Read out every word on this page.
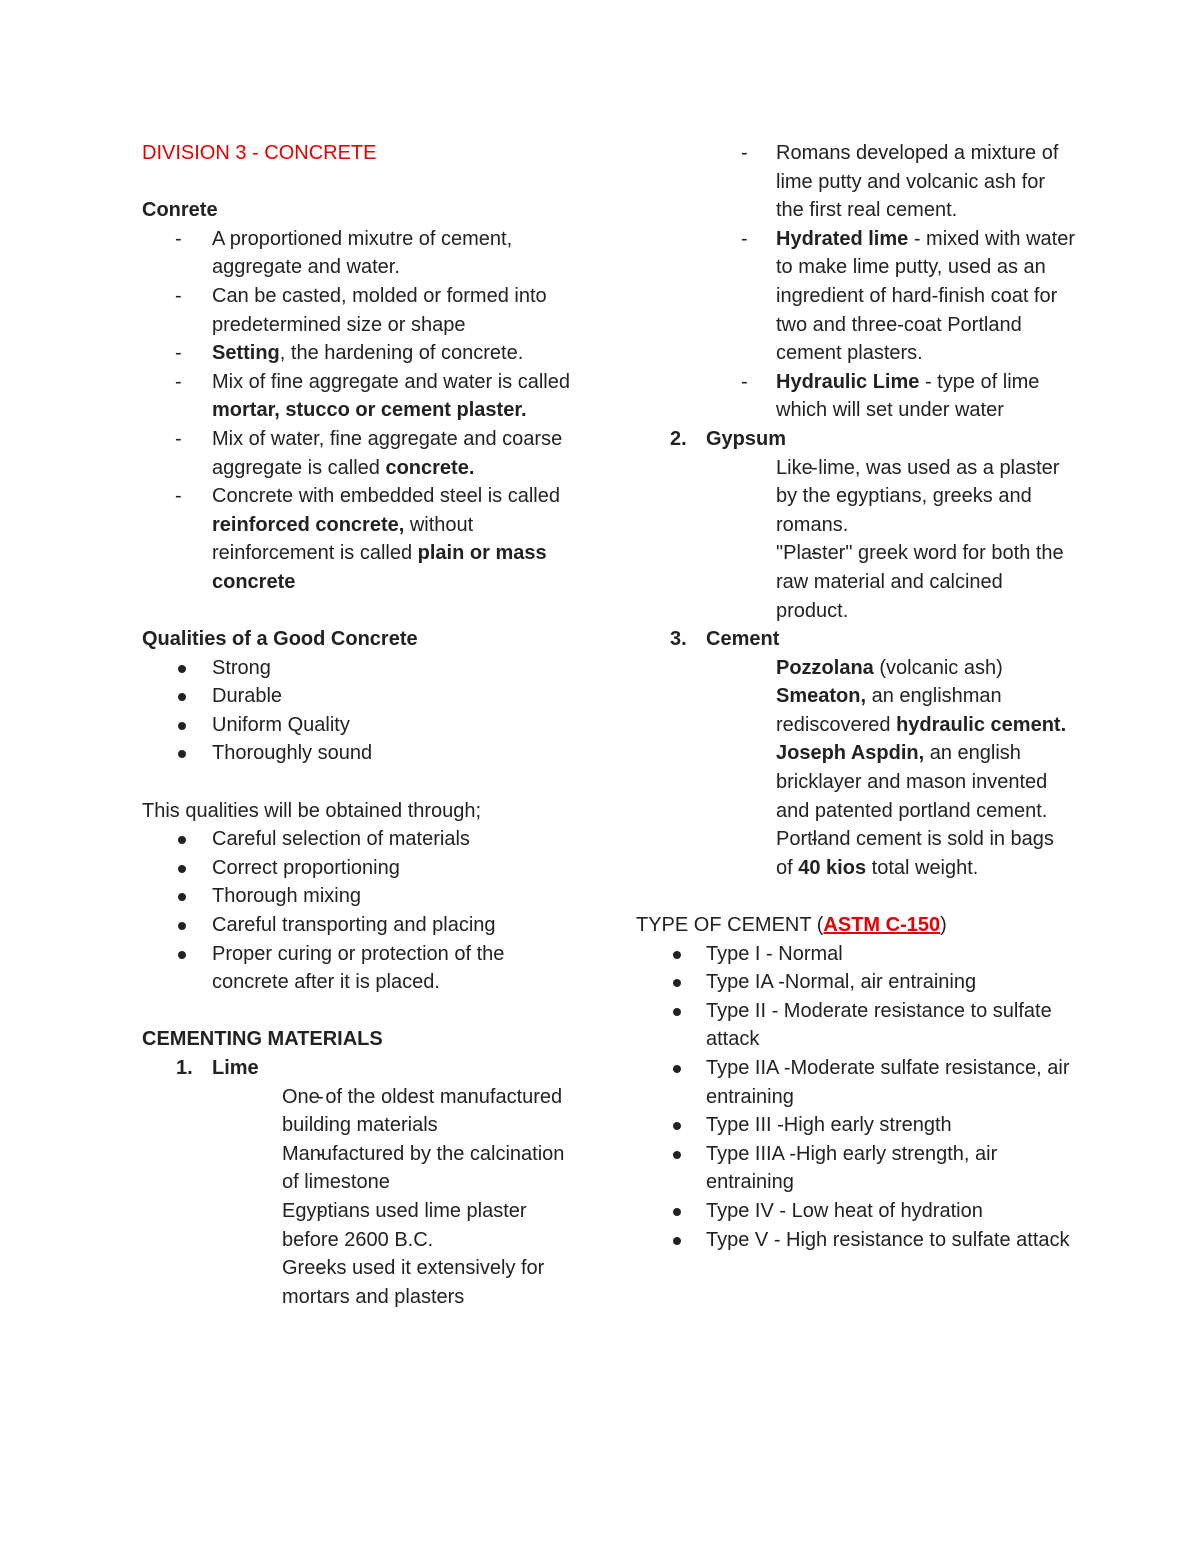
DIVISION 3 - CONCRETE

Conrete

- A proportioned mixutre of cement, aggregate and water.
- Can be casted, molded or formed into predetermined size or shape
- Setting, the hardening of concrete.
- Mix of fine aggregate and water is called mortar, stucco or cement plaster.
- Mix of water, fine aggregate and coarse aggregate is called concrete.
- Concrete with embedded steel is called reinforced concrete, without reinforcement is called plain or mass concrete

Qualities of a Good Concrete

Strong
Durable
Uniform Quality
Thoroughly sound

This qualities will be obtained through;

Careful selection of materials
Correct proportioning
Thorough mixing
Careful transporting and placing
Proper curing or protection of the concrete after it is placed.

CEMENTING MATERIALS

1. Lime
- One of the oldest manufactured building materials
- Manufactured by the calcination of limestone
- Egyptians used lime plaster before 2600 B.C.
- Greeks used it extensively for mortars and plasters
- Romans developed a mixture of lime putty and volcanic ash for the first real cement.
- Hydrated lime - mixed with water to make lime putty, used as an ingredient of hard-finish coat for two and three-coat Portland cement plasters.
- Hydraulic Lime - type of lime which will set under water
2. Gypsum
- Like lime, was used as a plaster by the egyptians, greeks and romans.
- "Plaster" greek word for both the raw material and calcined product.
3. Cement
- Pozzolana (volcanic ash)
- Smeaton, an englishman rediscovered hydraulic cement.
- Joseph Aspdin, an english bricklayer and mason invented and patented portland cement.
- Portland cement is sold in bags of 40 kios total weight.

TYPE OF CEMENT (ASTM C-150)

Type I - Normal
Type IA -Normal, air entraining
Type II - Moderate resistance to sulfate attack
Type IIA -Moderate sulfate resistance, air entraining
Type III -High early strength
Type IIIA -High early strength, air entraining
Type IV - Low heat of hydration
Type V - High resistance to sulfate attack
